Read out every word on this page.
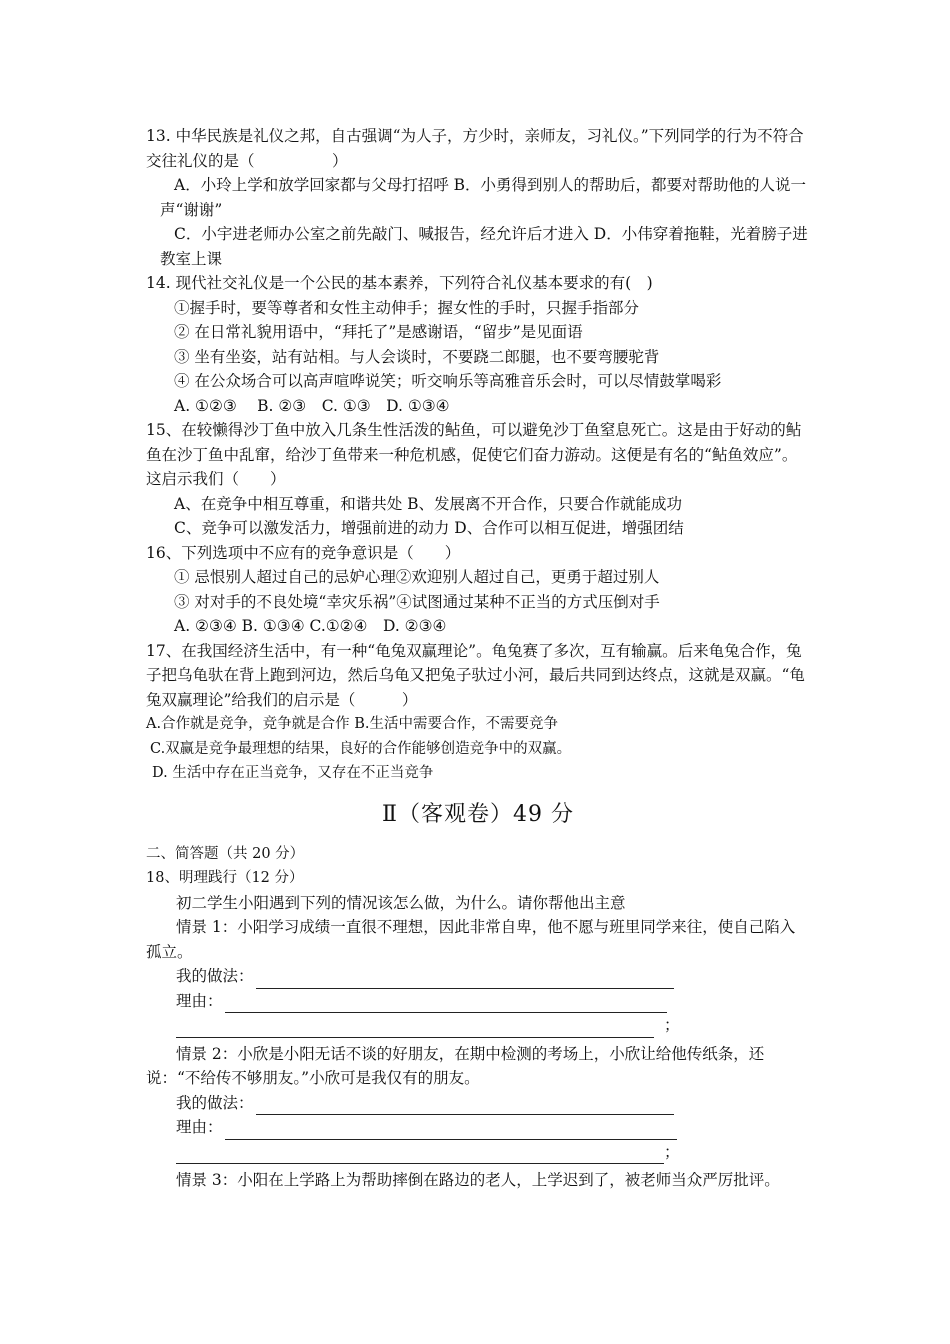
13. 中华民族是礼仪之邦，自古强调“为人子，方少时，亲师友，习礼仪。”下列同学的行为不符合交往礼仪的是（　　　　　）
A．小玲上学和放学回家都与父母打招呼 B．小勇得到别人的帮助后，都要对帮助他的人说一声“谢谢”
C．小宇进老师办公室之前先敲门、喊报告，经允许后才进入 D．小伟穿着拖鞋，光着膀子进教室上课
14. 现代社交礼仪是一个公民的基本素养，下列符合礼仪基本要求的有(　)
①握手时，要等尊者和女性主动伸手；握女性的手时，只握手指部分
② 在日常礼貌用语中，“拜托了”是感谢语，“留步”是见面语
③ 坐有坐姿，站有站相。与人会谈时，不要跷二郎腿，也不要弯腰驼背
④ 在公众场合可以高声喧哗说笑；听交响乐等高雅音乐会时，可以尽情鼓掌喝彩
A. ①②③　 B. ②③　C. ①③　D. ①③④
15、在较懒得沙丁鱼中放入几条生性活泼的鲇鱼，可以避免沙丁鱼窒息死亡。这是由于好动的鲇鱼在沙丁鱼中乱窜，给沙丁鱼带来一种危机感，促使它们奋力游动。这便是有名的“鲇鱼效应”。这启示我们（　　）
A、在竞争中相互尊重，和谐共处 B、发展离不开合作，只要合作就能成功
C、竞争可以激发活力，增强前进的动力 D、合作可以相互促进，增强团结
16、下列选项中不应有的竞争意识是（　　）
① 忌恨别人超过自己的忌妒心理②欢迎别人超过自己，更勇于超过别人
③ 对对手的不良处境“幸灾乐祸”④试图通过某种不正当的方式压倒对手
A. ②③④ B. ①③④ C.①②④　D. ②③④
17、在我国经济生活中，有一种“龟兔双赢理论”。龟兔赛了多次，互有输赢。后来龟兔合作，兔子把乌龟驮在背上跑到河边，然后乌龟又把兔子驮过小河，最后共同到达终点，这就是双赢。“龟兔双赢理论”给我们的启示是（　　　）
A.合作就是竞争，竞争就是合作 B.生活中需要合作，不需要竞争
C.双赢是竞争最理想的结果，良好的合作能够创造竞争中的双赢。
D. 生活中存在正当竞争，又存在不正当竞争
Ⅱ（客观卷）49 分
二、简答题（共 20 分）
18、明理践行（12 分）
初二学生小阳遇到下列的情况该怎么做，为什么。请你帮他出主意
情景 1：小阳学习成绩一直很不理想，因此非常自卑，他不愿与班里同学来往，使自己陷入孤立。
我的做法：
理由：
；
情景 2：小欣是小阳无话不谈的好朋友，在期中检测的考场上，小欣让给他传纸条，还说：“不给传不够朋友。”小欣可是我仅有的朋友。
我的做法：
理由：
；
情景 3：小阳在上学路上为帮助摔倒在路边的老人，上学迟到了，被老师当众严厉批评。
